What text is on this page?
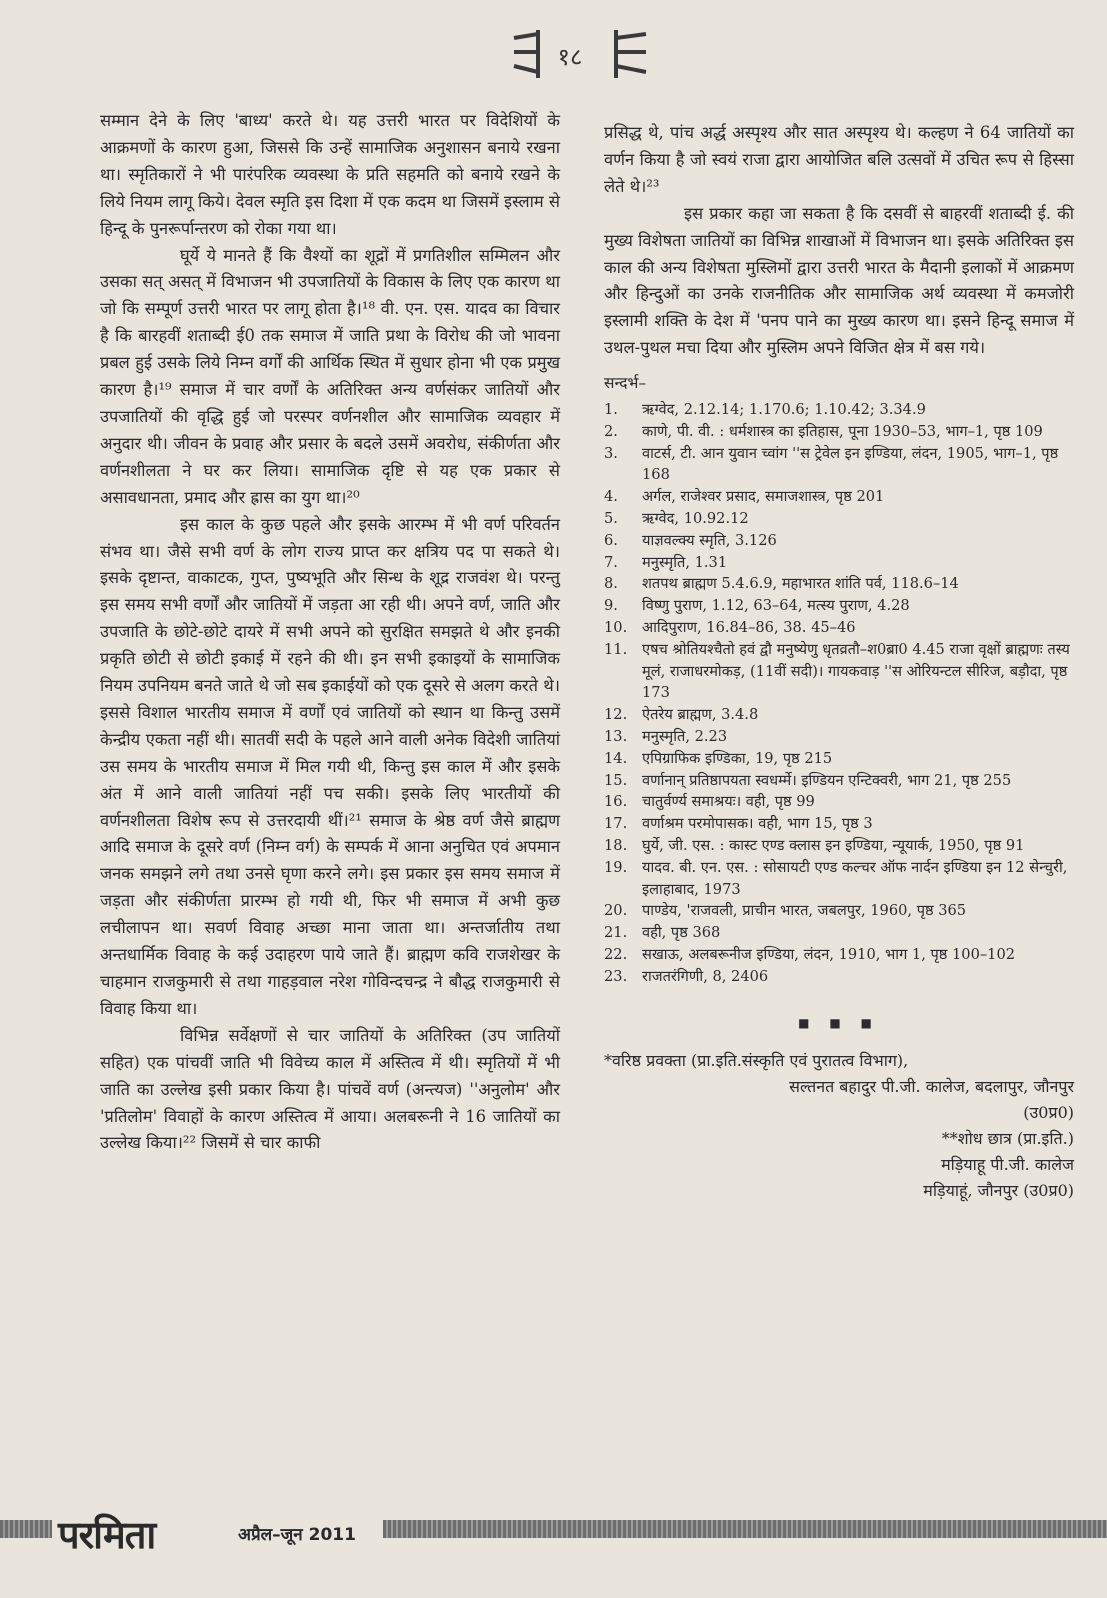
१८

सम्मान देने के लिए 'बाध्य' करते थे। यह उत्तरी भारत पर विदेशियों के आक्रमणों के कारण हुआ, जिससे कि उन्हें सामाजिक अनुशासन बनाये रखना था। स्मृतिकारों ने भी पारंपरिक व्यवस्था के प्रति सहमति को बनाये रखने के लिये नियम लागू किये। देवल स्मृति इस दिशा में एक कदम था जिसमें इस्लाम से हिन्दू के पुनरूर्पान्तरण को रोका गया था।

घूर्ये ये मानते हैं कि वैश्यों का शूद्रों में प्रगतिशील सम्मिलन और उसका सत् असत् में विभाजन भी उपजातियों के विकास के लिए एक कारण था जो कि सम्पूर्ण उत्तरी भारत पर लागू होता है।¹⁸ वी. एन. एस. यादव का विचार है कि बारहवीं शताब्दी ई0 तक समाज में जाति प्रथा के विरोध की जो भावना प्रबल हुई उसके लिये निम्न वर्गों की आर्थिक स्थित में सुधार होना भी एक प्रमुख कारण है।¹⁹ समाज में चार वर्णों के अतिरिक्त अन्य वर्णसंकर जातियों और उपजातियों की वृद्धि हुई जो परस्पर वर्णनशील और सामाजिक व्यवहार में अनुदार थी। जीवन के प्रवाह और प्रसार के बदले उसमें अवरोध, संकीर्णता और वर्णनशीलता ने घर कर लिया। सामाजिक दृष्टि से यह एक प्रकार से असावधानता, प्रमाद और ह्रास का युग था।²⁰

इस काल के कुछ पहले और इसके आरम्भ में भी वर्ण परिवर्तन संभव था। जैसे सभी वर्ण के लोग राज्य प्राप्त कर क्षत्रिय पद पा सकते थे। इसके दृष्टान्त, वाकाटक, गुप्त, पुष्यभूति और सिन्ध के शूद्र राजवंश थे। परन्तु इस समय सभी वर्णों और जातियों में जड़ता आ रही थी। अपने वर्ण, जाति और उपजाति के छोटे-छोटे दायरे में सभी अपने को सुरक्षित समझते थे और इनकी प्रकृति छोटी से छोटी इकाई में रहने की थी। इन सभी इकाइयों के सामाजिक नियम उपनियम बनते जाते थे जो सब इकाईयों को एक दूसरे से अलग करते थे। इससे विशाल भारतीय समाज में वर्णों एवं जातियों को स्थान था किन्तु उसमें केन्द्रीय एकता नहीं थी। सातवीं सदी के पहले आने वाली अनेक विदेशी जातियां उस समय के भारतीय समाज में मिल गयी थी, किन्तु इस काल में और इसके अंत में आने वाली जातियां नहीं पच सकी। इसके लिए भारतीयों की वर्णनशीलता विशेष रूप से उत्तरदायी थीं।²¹ समाज के श्रेष्ठ वर्ण जैसे ब्राह्मण आदि समाज के दूसरे वर्ण (निम्न वर्ग) के सम्पर्क में आना अनुचित एवं अपमान जनक समझने लगे तथा उनसे घृणा करने लगे। इस प्रकार इस समय समाज में जड़ता और संकीर्णता प्रारम्भ हो गयी थी, फिर भी समाज में अभी कुछ लचीलापन था। सवर्ण विवाह अच्छा माना जाता था। अन्तर्जातीय तथा अन्तधार्मिक विवाह के कई उदाहरण पाये जाते हैं। ब्राह्मण कवि राजशेखर के चाहमान राजकुमारी से तथा गाहड़वाल नरेश गोविन्दचन्द्र ने बौद्ध राजकुमारी से विवाह किया था।

विभिन्न सर्वेक्षणों से चार जातियों के अतिरिक्त (उप जातियों सहित) एक पांचवीं जाति भी विवेच्य काल में अस्तित्व में थी। स्मृतियों में भी जाति का उल्लेख इसी प्रकार किया है। पांचवें वर्ण (अन्त्यज) ''अनुलोम' और 'प्रतिलोम' विवाहों के कारण अस्तित्व में आया। अलबरूनी ने 16 जातियों का उल्लेख किया।²² जिसमें से चार काफी

प्रसिद्ध थे, पांच अर्द्ध अस्पृश्य और सात अस्पृश्य थे। कल्हण ने 64 जातियों का वर्णन किया है जो स्वयं राजा द्वारा आयोजित बलि उत्सवों में उचित रूप से हिस्सा लेते थे।²³

इस प्रकार कहा जा सकता है कि दसवीं से बाहरवीं शताब्दी ई. की मुख्य विशेषता जातियों का विभिन्न शाखाओं में विभाजन था। इसके अतिरिक्त इस काल की अन्य विशेषता मुस्लिमों द्वारा उत्तरी भारत के मैदानी इलाकों में आक्रमण और हिन्दुओं का उनके राजनीतिक और सामाजिक अर्थ व्यवस्था में कमजोरी इस्लामी शक्ति के देश में 'पनप पाने का मुख्य कारण था। इसने हिन्दू समाज में उथल-पुथल मचा दिया और मुस्लिम अपने विजित क्षेत्र में बस गये।

सन्दर्भ–
1.	ऋग्वेद, 2.12.14; 1.170.6; 1.10.42; 3.34.9
2.	काणे, पी. वी. : धर्मशास्त्र का इतिहास, पूना 1930–53, भाग–1, पृष्ठ 109
3.	वाटर्स, टी. आन युवान च्वांग ''स ट्रेवेल इन इण्डिया, लंदन, 1905, भाग–1, पृष्ठ 168
4.	अर्गल, राजेश्वर प्रसाद, समाजशास्त्र, पृष्ठ 201
5.	ऋग्वेद, 10.92.12
6.	याज्ञवल्क्य स्मृति, 3.126
7.	मनुस्मृति, 1.31
8.	शतपथ ब्राह्मण 5.4.6.9, महाभारत शांति पर्व, 118.6–14
9.	विष्णु पुराण, 1.12, 63–64, मत्स्य पुराण, 4.28
10.	आदिपुराण, 16.84–86, 38. 45–46
11.	एषच श्रोतियश्चैतो हवं द्वौ मनुष्येणु धृतव्रतौ–श0ब्रा0 4.45 राजा वृक्षों ब्राह्मणः तस्य मूलं, राजाधरमोकड़, (11वीं सदी)। गायकवाड़ ''स ओरियन्टल सीरिज, बड़ौदा, पृष्ठ 173
12.	ऐतरेय ब्राह्मण, 3.4.8
13.	मनुस्मृति, 2.23
14.	एपिग्राफिक इण्डिका, 19, पृष्ठ 215
15.	वर्णानान् प्रतिष्ठापयता स्वधर्म्मे। इण्डियन एन्टिक्वरी, भाग 21, पृष्ठ 255
16.	चातुर्वर्ण्य समाश्रयः। वही, पृष्ठ 99
17.	वर्णाश्रम परमोपासक। वही, भाग 15, पृष्ठ 3
18.	घुर्ये, जी. एस. : कास्ट एण्ड क्लास इन इण्डिया, न्यूयार्क, 1950, पृष्ठ 91
19.	यादव. बी. एन. एस. : सोसायटी एण्ड कल्चर ऑफ नार्दन इण्डिया इन 12 सेन्चुरी, इलाहाबाद, 1973
20.	पाण्डेय, 'राजवली, प्राचीन भारत, जबलपुर, 1960, पृष्ठ 365
21.	वही, पृष्ठ 368
22.	सखाऊ, अलबरूनीज इण्डिया, लंदन, 1910, भाग 1, पृष्ठ 100–102
23.	राजतरंगिणी, 8, 2406
■ ■ ■
*वरिष्ठ प्रवक्ता (प्रा.इति.संस्कृति एवं पुरातत्व विभाग),
सल्तनत बहादुर पी.जी. कालेज, बदलापुर, जौनपुर
(उ0प्र0)
**शोध छात्र (प्रा.इति.)
मड़ियाहू पी.जी. कालेज
मड़ियाहूं, जौनपुर (उ0प्र0)
परमिता	अप्रैल–जून 2011
